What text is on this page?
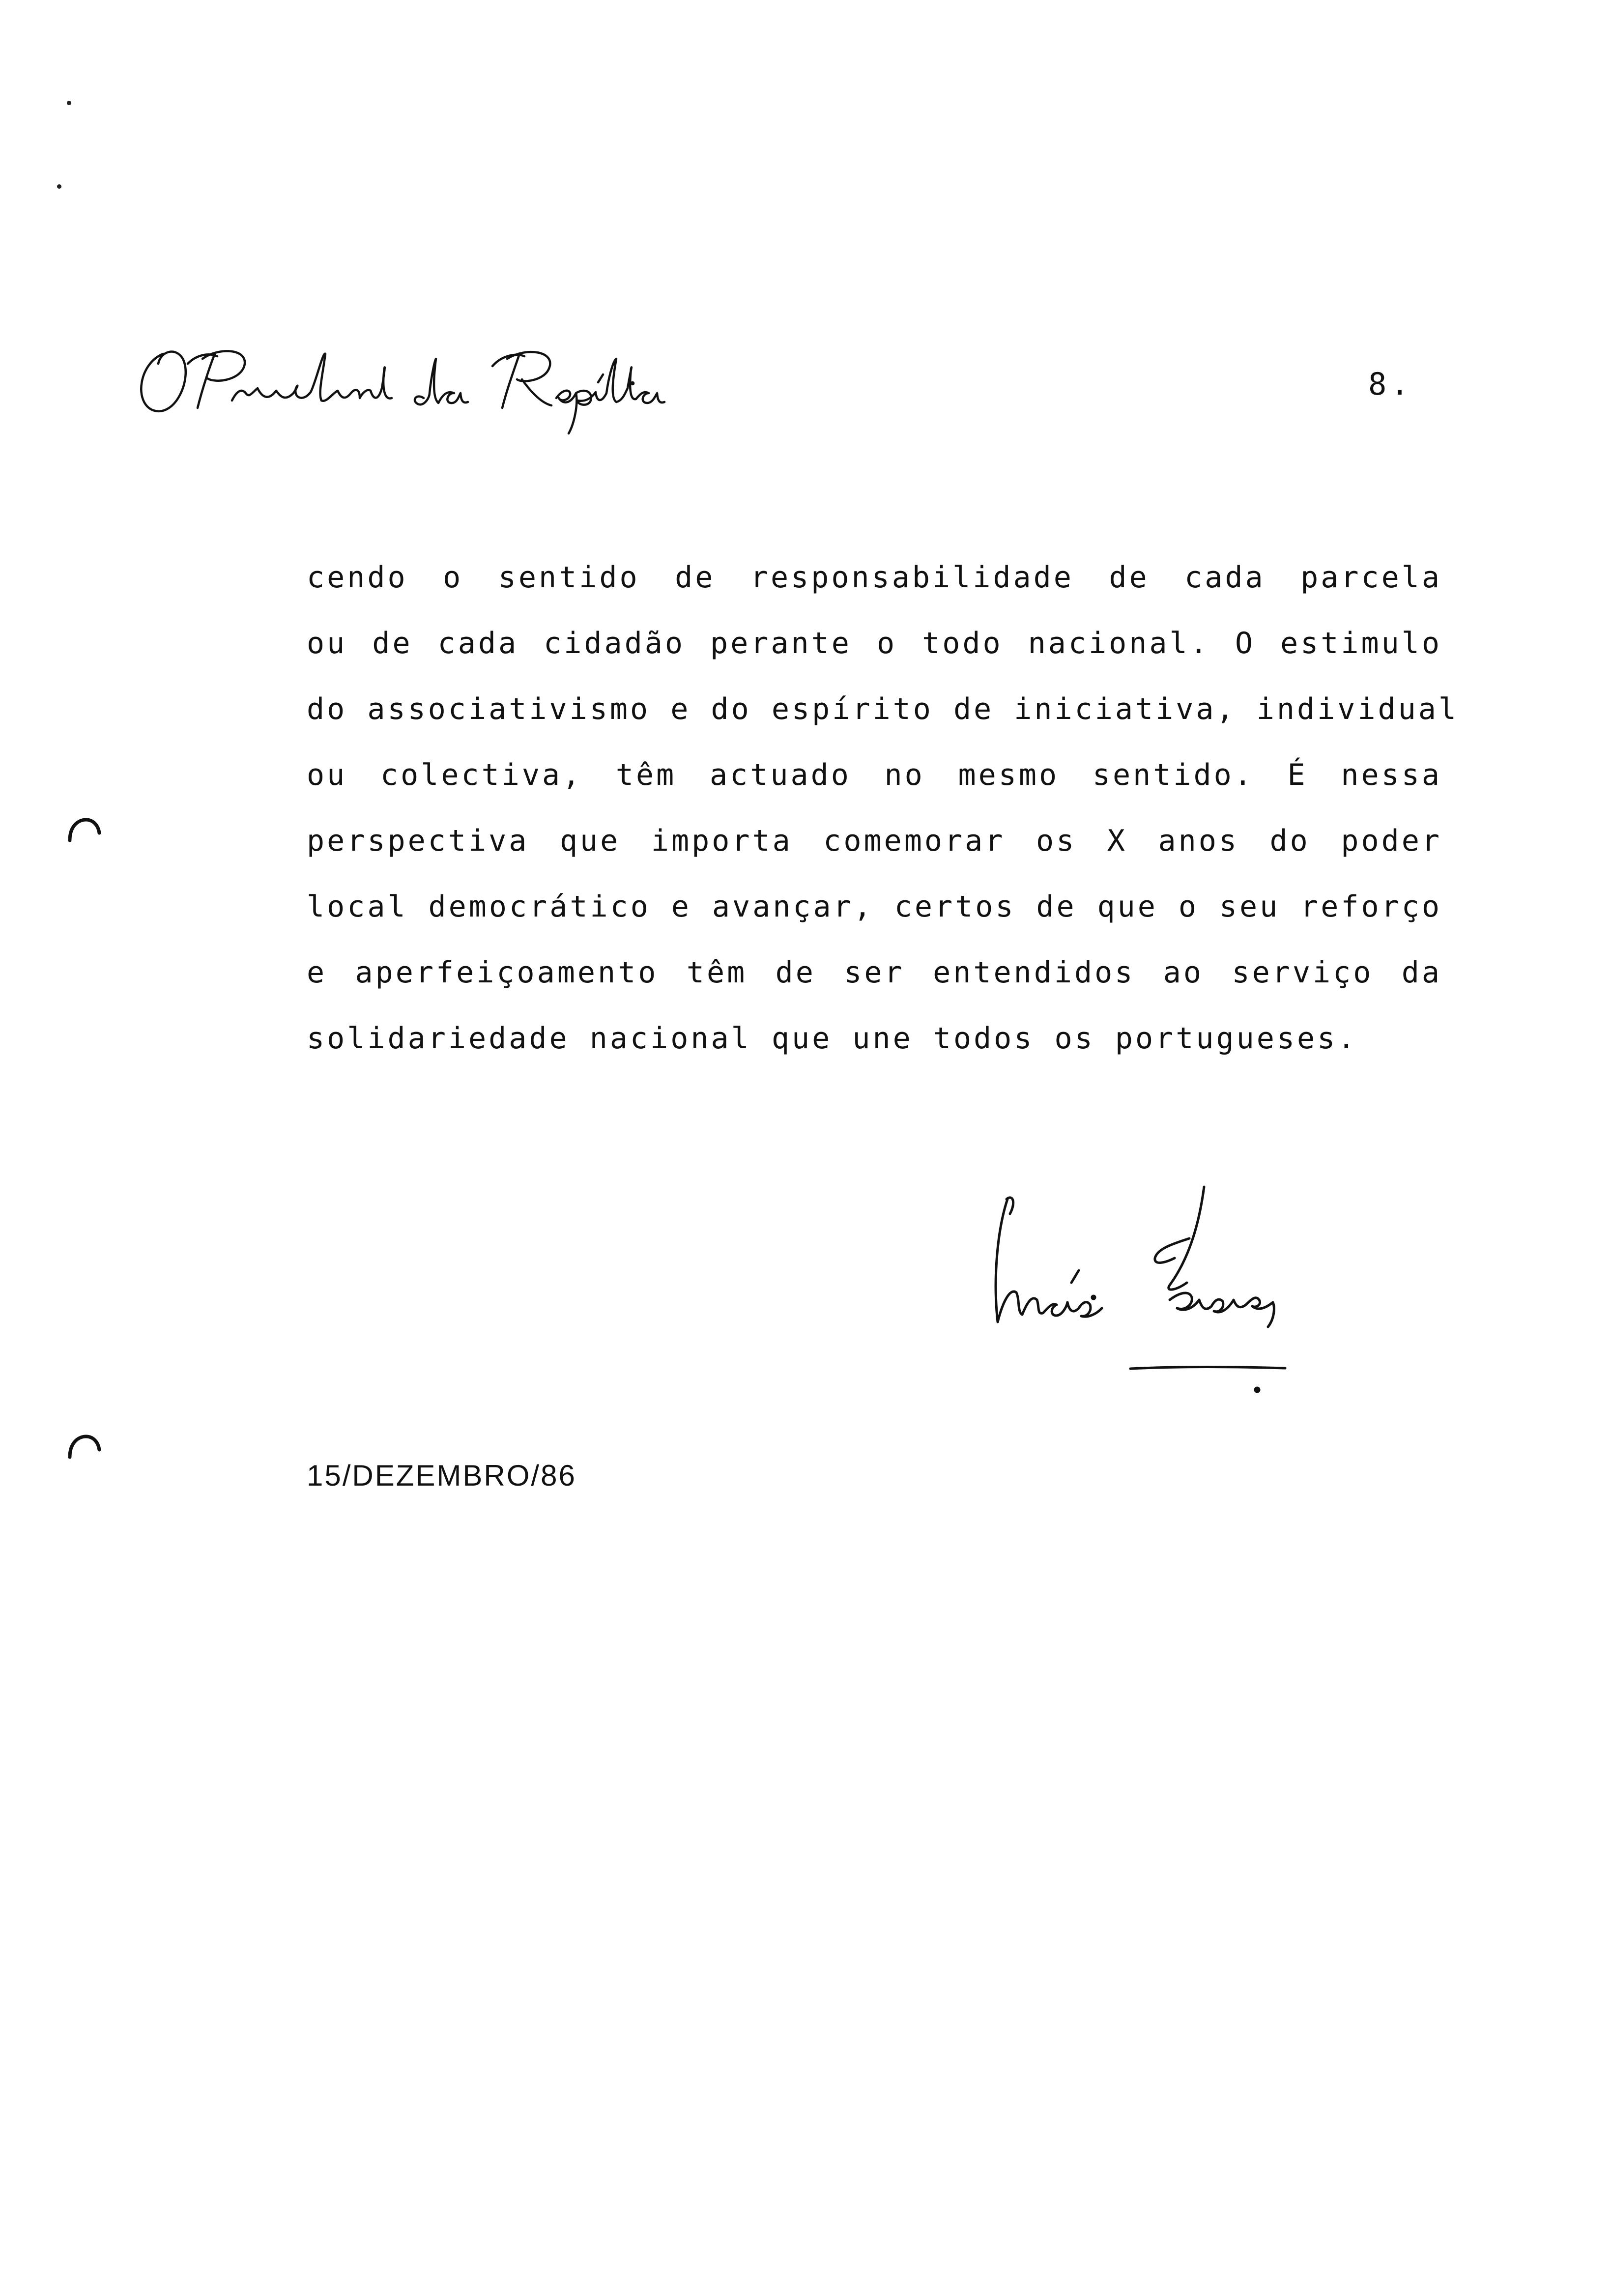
8.
cendo o sentido de responsabilidade de cada parcela
ou de cada cidadão perante o todo nacional. O estimulo
do associativismo e do espírito de iniciativa, individual
ou colectiva, têm actuado no mesmo sentido. É nessa
perspectiva que importa comemorar os X anos do poder
local democrático e avançar, certos de que o seu reforço
e aperfeiçoamento têm de ser entendidos ao serviço da
solidariedade nacional que une todos os portugueses.
15/DEZEMBRO/86
